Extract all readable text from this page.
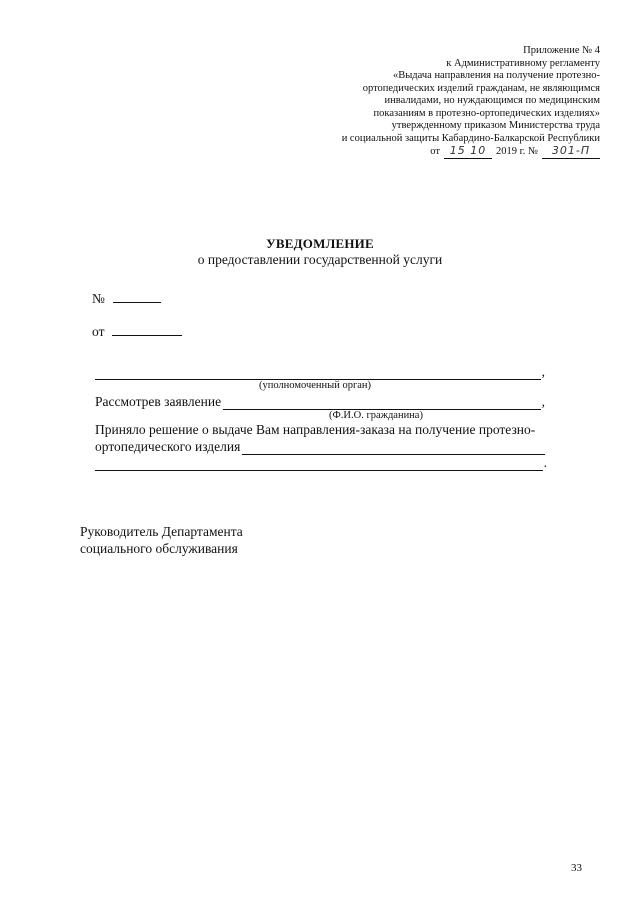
Приложение № 4
к Административному регламенту
«Выдача направления на получение протезно-
ортопедических изделий гражданам, не являющимся
инвалидами, но нуждающимся по медицинским
показаниям в протезно-ортопедических изделиях»
утвержденному приказом Министерства труда
и социальной защиты Кабардино-Балкарской Республики
от 15 10 2019 г. №	301-П
УВЕДОМЛЕНИЕ
о предоставлении государственной услуги
№
от
,
(уполномоченный орган)
Рассмотрев заявление	,
(Ф.И.О. гражданина)
Приняло решение о выдаче Вам направления-заказа на получение протезно-
ортопедического изделия
.
Руководитель Департамента
социального обслуживания
33
